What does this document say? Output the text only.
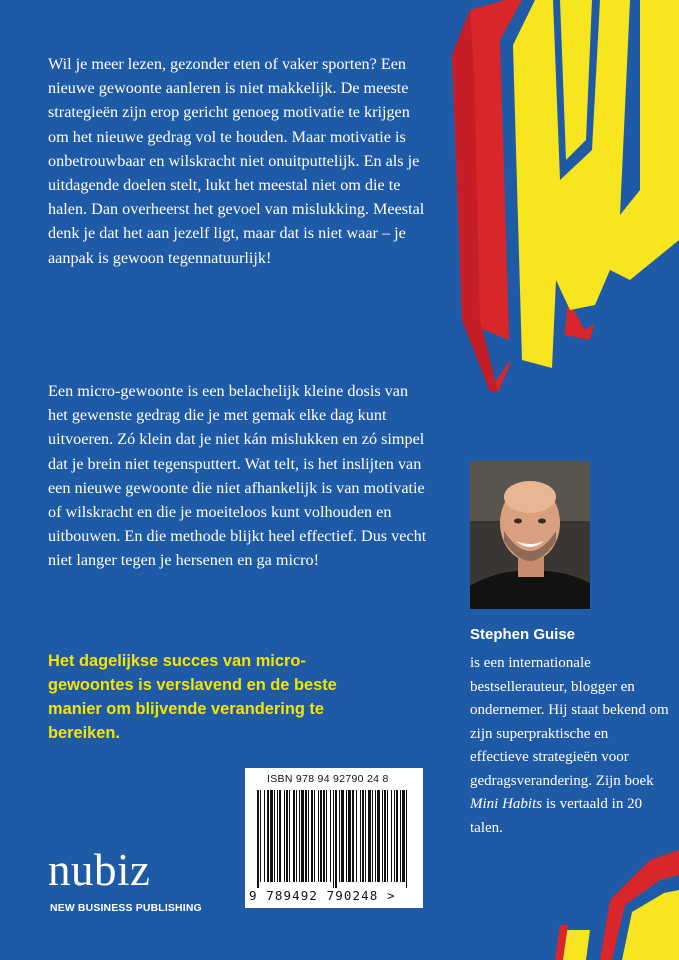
Wil je meer lezen, gezonder eten of vaker sporten? Een nieuwe gewoonte aanleren is niet makkelijk. De meeste strategieën zijn erop gericht genoeg motivatie te krijgen om het nieuwe gedrag vol te houden. Maar motivatie is onbetrouwbaar en wilskracht niet onuitputtelijk. En als je uitdagende doelen stelt, lukt het meestal niet om die te halen. Dan overheerst het gevoel van mislukking. Meestal denk je dat het aan jezelf ligt, maar dat is niet waar – je aanpak is gewoon tegennatuurlijk!

Een micro-gewoonte is een belachelijk kleine dosis van het gewenste gedrag die je met gemak elke dag kunt uitvoeren. Zó klein dat je niet kán mislukken en zó simpel dat je brein niet tegensputtert. Wat telt, is het inslijten van een nieuwe gewoonte die niet afhankelijk is van motivatie of wilskracht en die je moeiteloos kunt volhouden en uitbouwen. En die methode blijkt heel effectief. Dus vecht niet langer tegen je hersenen en ga micro!

Het dagelijkse succes van micro-gewoontes is verslavend en de beste manier om blijvende verandering te bereiken.

Stephen Guise

is een internationale bestsellerauteur, blogger en ondernemer. Hij staat bekend om zijn superpraktische en effectieve strategieën voor gedragsverandering. Zijn boek Mini Habits is vertaald in 20 talen.

ISBN 978 94 92790 24 8
9 789492 790248 >

nubiz

NEW BUSINESS PUBLISHING
